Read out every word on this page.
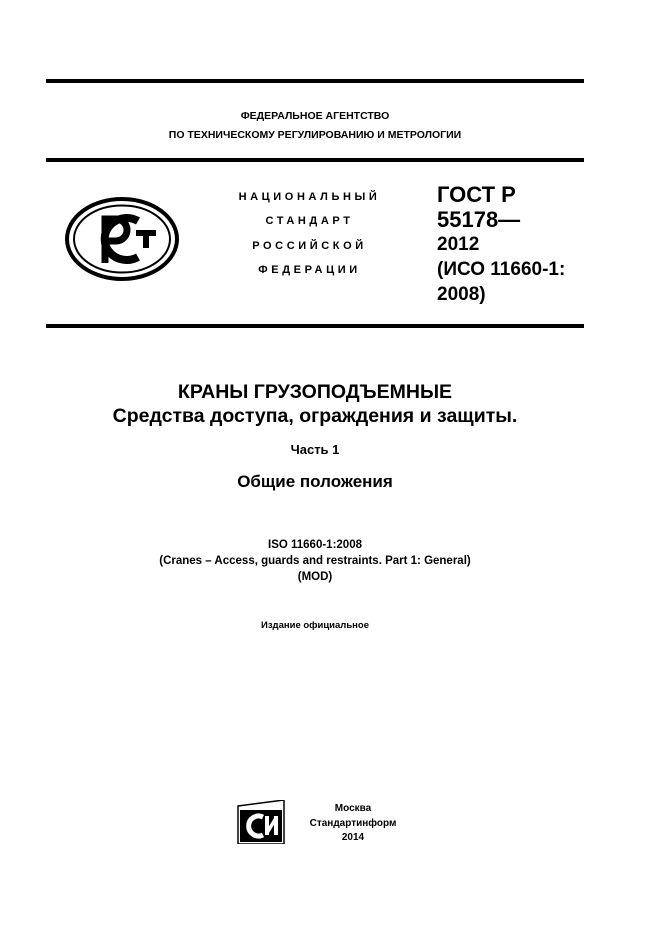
ФЕДЕРАЛЬНОЕ АГЕНТСТВО
ПО ТЕХНИЧЕСКОМУ РЕГУЛИРОВАНИЮ И МЕТРОЛОГИИ
НАЦИОНАЛЬНЫЙ
СТАНДАРТ
РОССИЙСКОЙ
ФЕДЕРАЦИИ
ГОСТ Р
55178—
2012
(ИСО 11660-1:
2008)
КРАНЫ ГРУЗОПОДЪЕМНЫЕ
Средства доступа, ограждения и защиты.
Часть 1
Общие положения
ISO 11660-1:2008
(Cranes – Access, guards and restraints. Part 1: General)
(MOD)
Издание официальное
Москва
Стандартинформ
2014
